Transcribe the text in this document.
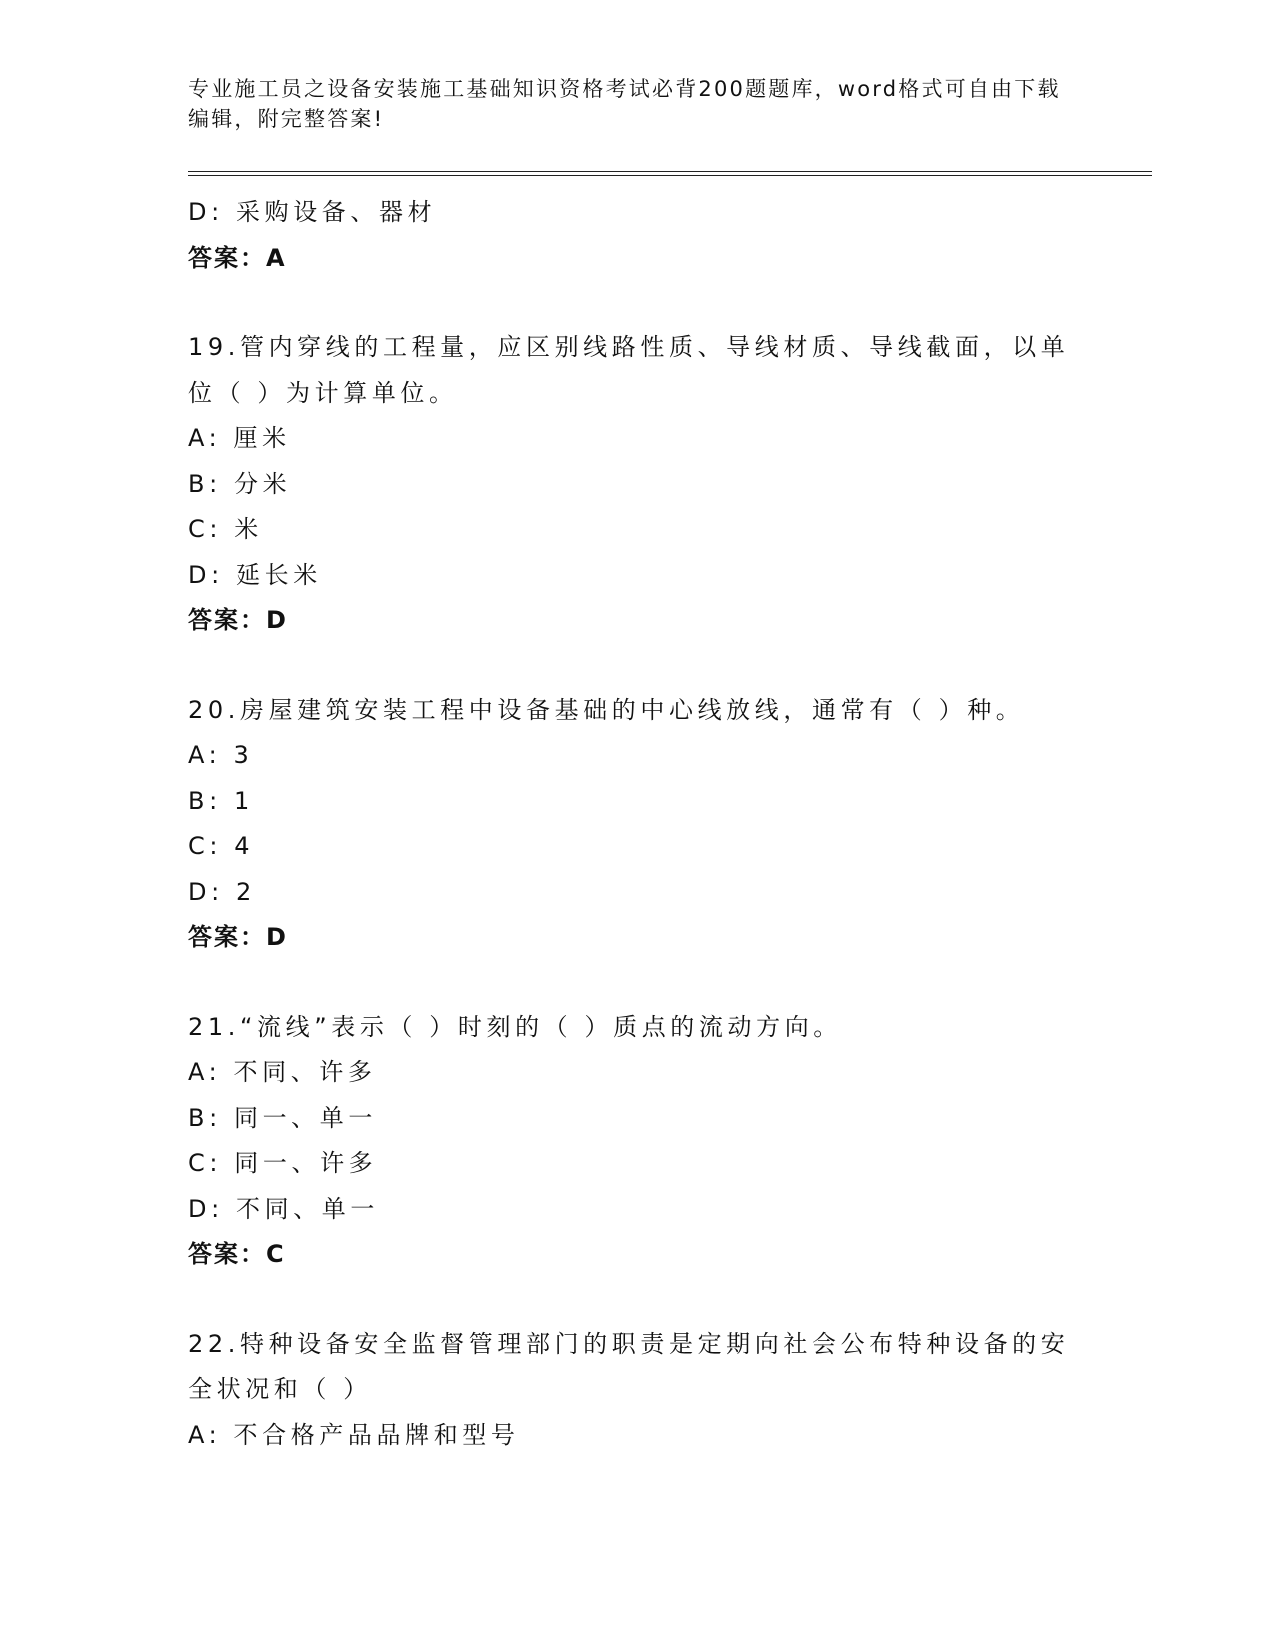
专业施工员之设备安装施工基础知识资格考试必背200题题库，word格式可自由下载编辑，附完整答案!
D: 采购设备、器材
答案：A
19.管内穿线的工程量，应区别线路性质、导线材质、导线截面，以单位（ ）为计算单位。
A: 厘米
B: 分米
C: 米
D: 延长米
答案：D
20.房屋建筑安装工程中设备基础的中心线放线，通常有（ ）种。
A: 3
B: 1
C: 4
D: 2
答案：D
21.“流线”表示（ ）时刻的（ ）质点的流动方向。
A: 不同、许多
B: 同一、单一
C: 同一、许多
D: 不同、单一
答案：C
22.特种设备安全监督管理部门的职责是定期向社会公布特种设备的安全状况和（ ）
A: 不合格产品品牌和型号
